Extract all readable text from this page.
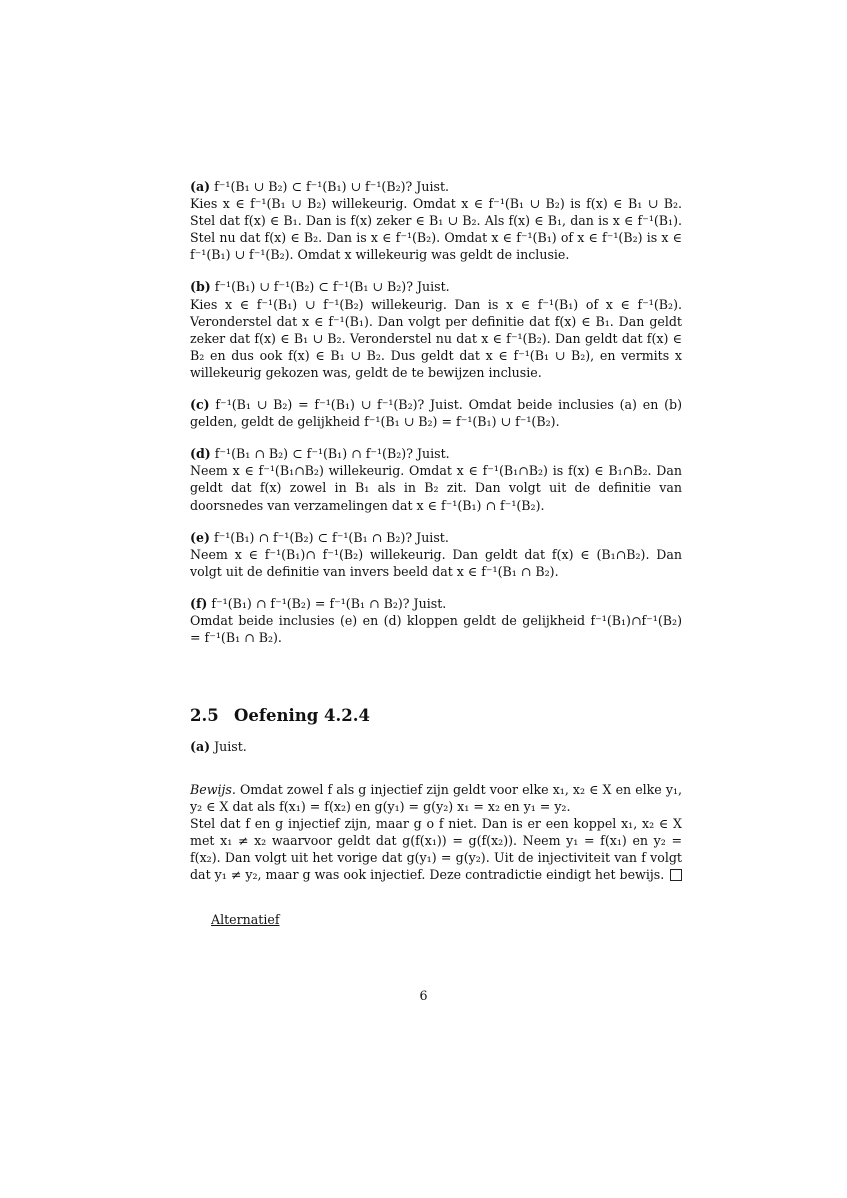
(a) f⁻¹(B₁ ∪ B₂) ⊂ f⁻¹(B₁) ∪ f⁻¹(B₂)? Juist.
Kies x ∈ f⁻¹(B₁ ∪ B₂) willekeurig. Omdat x ∈ f⁻¹(B₁ ∪ B₂) is f(x) ∈ B₁ ∪ B₂. Stel dat f(x) ∈ B₁. Dan is f(x) zeker ∈ B₁ ∪ B₂. Als f(x) ∈ B₁, dan is x ∈ f⁻¹(B₁). Stel nu dat f(x) ∈ B₂. Dan is x ∈ f⁻¹(B₂). Omdat x ∈ f⁻¹(B₁) of x ∈ f⁻¹(B₂) is x ∈ f⁻¹(B₁) ∪ f⁻¹(B₂). Omdat x willekeurig was geldt de inclusie.
(b) f⁻¹(B₁) ∪ f⁻¹(B₂) ⊂ f⁻¹(B₁ ∪ B₂)? Juist.
Kies x ∈ f⁻¹(B₁) ∪ f⁻¹(B₂) willekeurig. Dan is x ∈ f⁻¹(B₁) of x ∈ f⁻¹(B₂). Veronderstel dat x ∈ f⁻¹(B₁). Dan volgt per definitie dat f(x) ∈ B₁. Dan geldt zeker dat f(x) ∈ B₁ ∪ B₂. Veronderstel nu dat x ∈ f⁻¹(B₂). Dan geldt dat f(x) ∈ B₂ en dus ook f(x) ∈ B₁ ∪ B₂. Dus geldt dat x ∈ f⁻¹(B₁ ∪ B₂), en vermits x willekeurig gekozen was, geldt de te bewijzen inclusie.
(c) f⁻¹(B₁ ∪ B₂) = f⁻¹(B₁) ∪ f⁻¹(B₂)? Juist. Omdat beide inclusies (a) en (b) gelden, geldt de gelijkheid f⁻¹(B₁ ∪ B₂) = f⁻¹(B₁) ∪ f⁻¹(B₂).
(d) f⁻¹(B₁ ∩ B₂) ⊂ f⁻¹(B₁) ∩ f⁻¹(B₂)? Juist.
Neem x ∈ f⁻¹(B₁∩B₂) willekeurig. Omdat x ∈ f⁻¹(B₁∩B₂) is f(x) ∈ B₁∩B₂. Dan geldt dat f(x) zowel in B₁ als in B₂ zit. Dan volgt uit de definitie van doorsnedes van verzamelingen dat x ∈ f⁻¹(B₁) ∩ f⁻¹(B₂).
(e) f⁻¹(B₁) ∩ f⁻¹(B₂) ⊂ f⁻¹(B₁ ∩ B₂)? Juist.
Neem x ∈ f⁻¹(B₁)∩ f⁻¹(B₂) willekeurig. Dan geldt dat f(x) ∈ (B₁∩B₂). Dan volgt uit de definitie van invers beeld dat x ∈ f⁻¹(B₁ ∩ B₂).
(f) f⁻¹(B₁) ∩ f⁻¹(B₂) = f⁻¹(B₁ ∩ B₂)? Juist.
Omdat beide inclusies (e) en (d) kloppen geldt de gelijkheid f⁻¹(B₁)∩f⁻¹(B₂) = f⁻¹(B₁ ∩ B₂).
2.5 Oefening 4.2.4
(a) Juist.
Bewijs. Omdat zowel f als g injectief zijn geldt voor elke x₁, x₂ ∈ X en elke y₁, y₂ ∈ X dat als f(x₁) = f(x₂) en g(y₁) = g(y₂) x₁ = x₂ en y₁ = y₂.
Stel dat f en g injectief zijn, maar g o f niet. Dan is er een koppel x₁, x₂ ∈ X met x₁ ≠ x₂ waarvoor geldt dat g(f(x₁)) = g(f(x₂)). Neem y₁ = f(x₁) en y₂ = f(x₂). Dan volgt uit het vorige dat g(y₁) = g(y₂). Uit de injectiviteit van f volgt dat y₁ ≠ y₂, maar g was ook injectief. Deze contradictie eindigt het bewijs.
Alternatief
6
